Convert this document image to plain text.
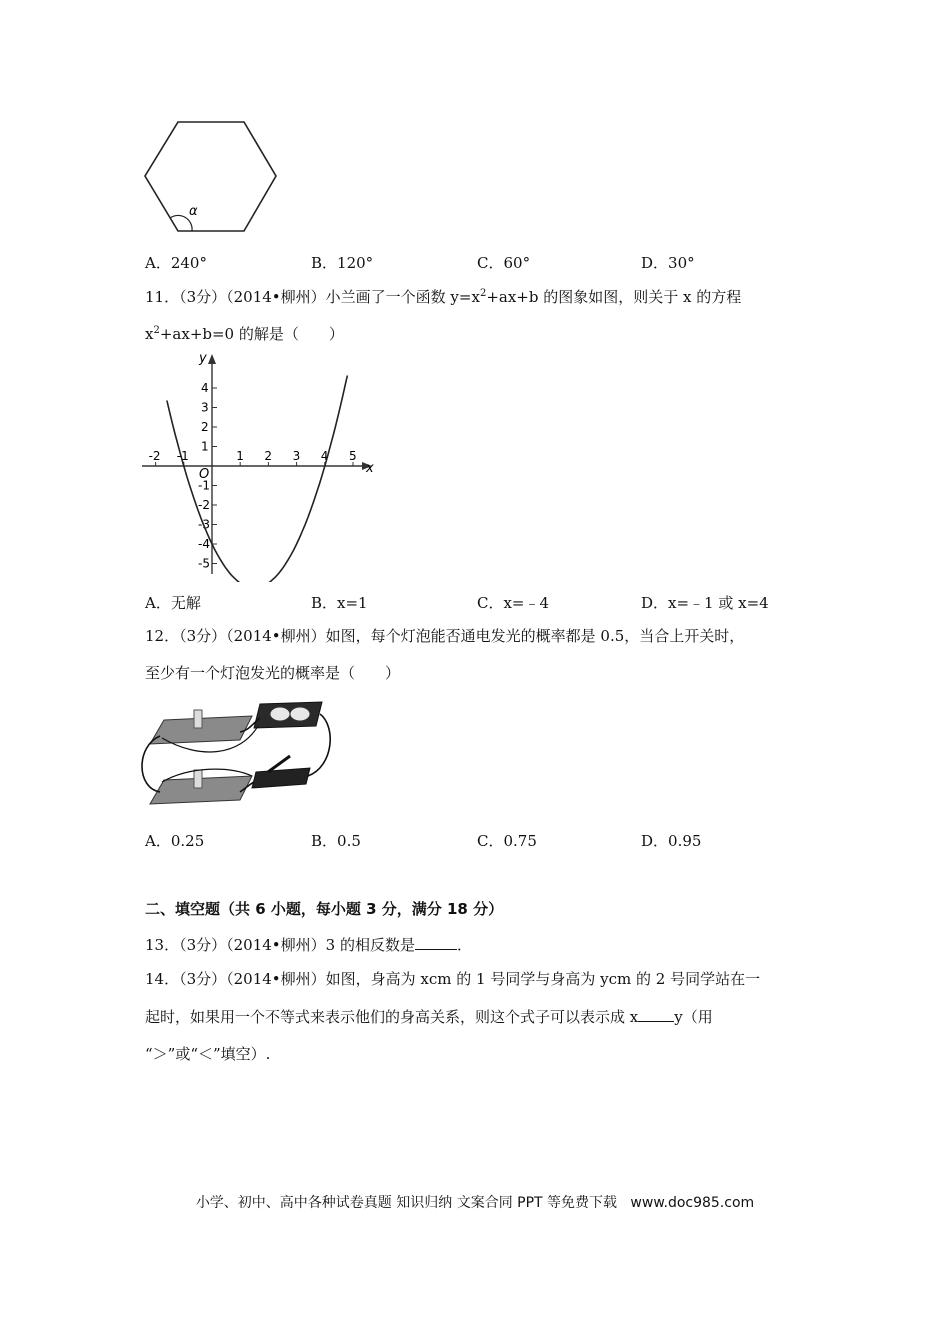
α
A．240°	B．120°	C．60°	D．30°
11．（3分）（2014•柳州）小兰画了一个函数 $y=x^2+ax+b$ 的图象如图，则关于 x 的方程
$x^2+ax+b=0$ 的解是（　　）
x
y
O
-2 -1	1 2 3 4 5
4
3
2
1
-1
-2
-3
-4
-5
A．无解	B．x=1	C．x=﹣4	D．x=﹣1 或 x=4
12．（3分）（2014•柳州）如图，每个灯泡能否通电发光的概率都是 0.5，当合上开关时，
至少有一个灯泡发光的概率是（　　）
A．0.25	B．0.5	C．0.75	D．0.95
二、填空题（共 6 小题，每小题 3 分，满分 18 分）
13．（3分）（2014•柳州）3 的相反数是	．
14．（3分）（2014•柳州）如图，身高为 xcm 的 1 号同学与身高为 ycm 的 2 号同学站在一
起时，如果用一个不等式来表示他们的身高关系，则这个式子可以表示成 x y（用
“＞”或“＜”填空）.
小学、初中、高中各种试卷真题 知识归纳 文案合同 PPT 等免费下载 www.doc985.com
